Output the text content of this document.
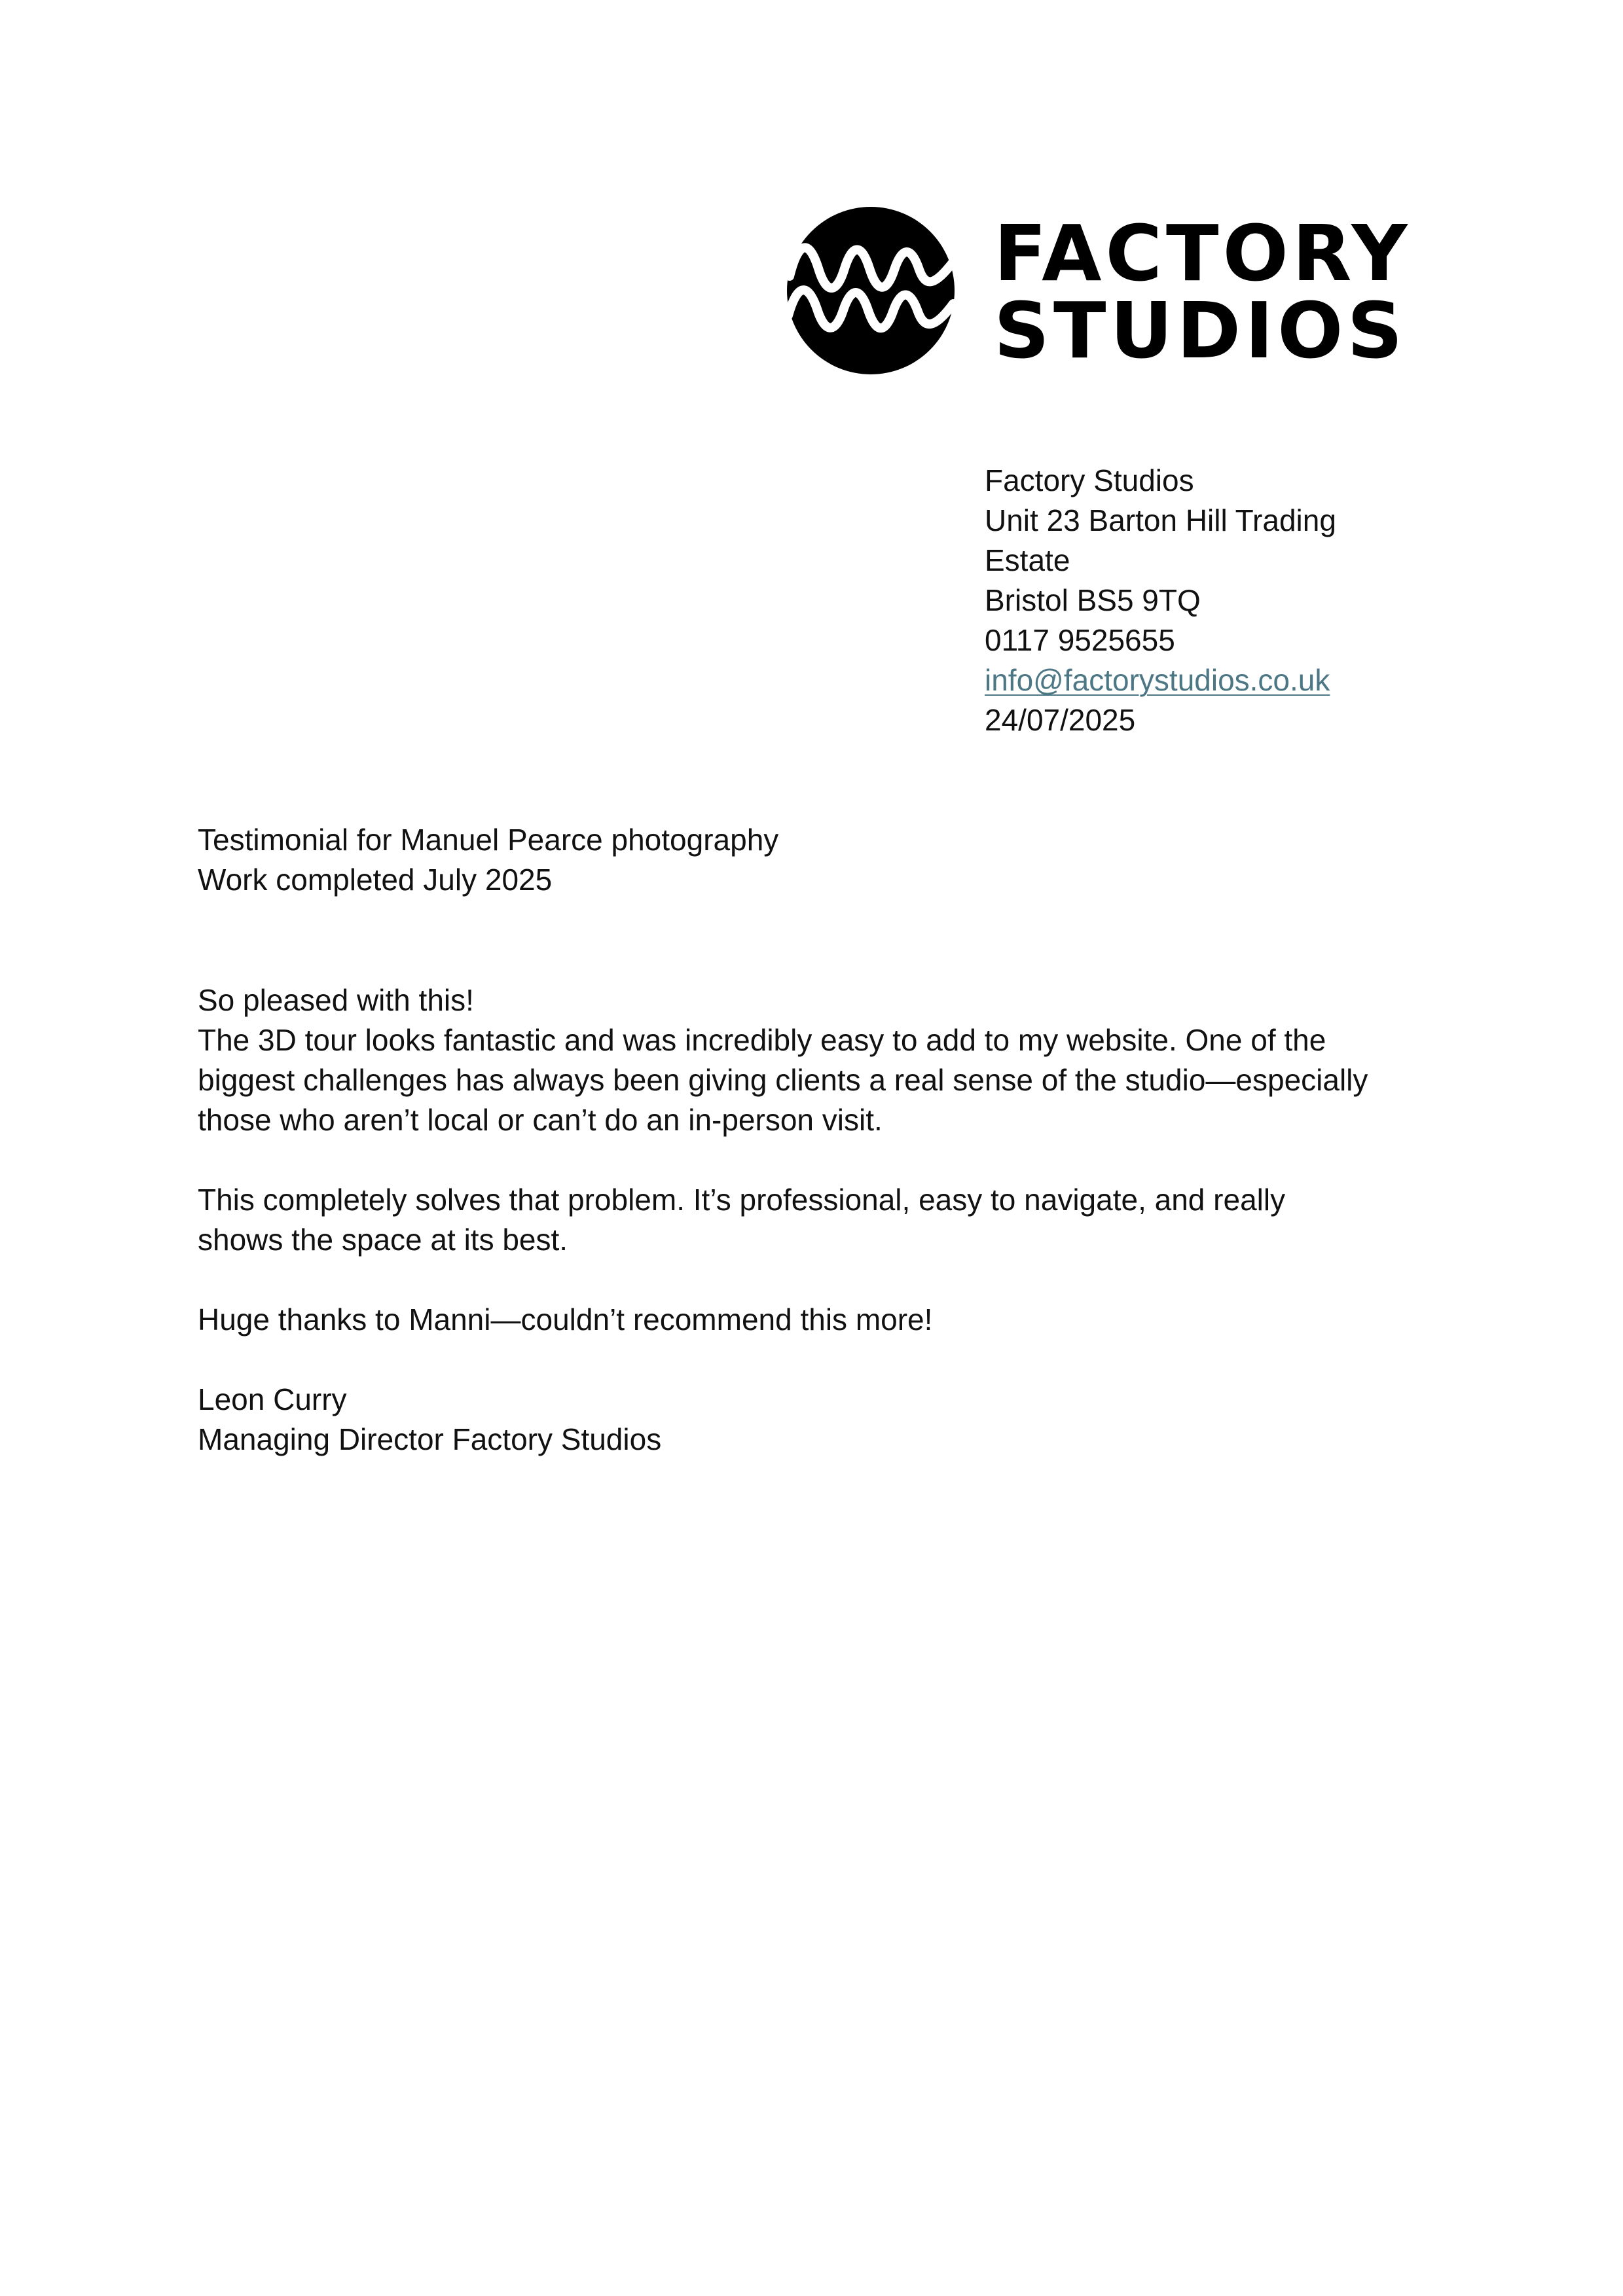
FACTORY
STUDIOS
Factory Studios
Unit 23 Barton Hill Trading
Estate
Bristol BS5 9TQ
0117 9525655
info@factorystudios.co.uk
24/07/2025
Testimonial for Manuel Pearce photography
Work completed July 2025
So pleased with this!
The 3D tour looks fantastic and was incredibly easy to add to my website. One of the
biggest challenges has always been giving clients a real sense of the studio—especially
those who aren’t local or can’t do an in-person visit.
This completely solves that problem. It’s professional, easy to navigate, and really
shows the space at its best.
Huge thanks to Manni—couldn’t recommend this more!
Leon Curry
Managing Director Factory Studios
